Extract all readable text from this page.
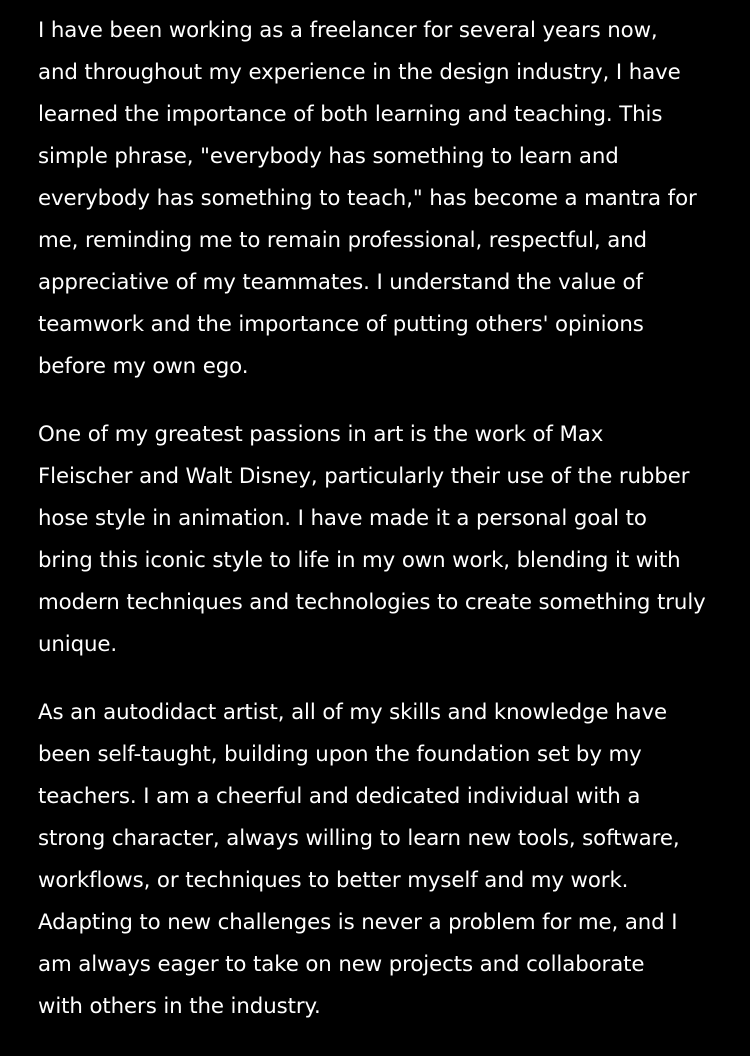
I have been working as a freelancer for several years now,
and throughout my experience in the design industry, I have
learned the importance of both learning and teaching. This
simple phrase, "everybody has something to learn and
everybody has something to teach," has become a mantra for
me, reminding me to remain professional, respectful, and
appreciative of my teammates. I understand the value of
teamwork and the importance of putting others' opinions
before my own ego.

One of my greatest passions in art is the work of Max
Fleischer and Walt Disney, particularly their use of the rubber
hose style in animation. I have made it a personal goal to
bring this iconic style to life in my own work, blending it with
modern techniques and technologies to create something truly
unique.

As an autodidact artist, all of my skills and knowledge have
been self-taught, building upon the foundation set by my
teachers. I am a cheerful and dedicated individual with a
strong character, always willing to learn new tools, software,
workflows, or techniques to better myself and my work.
Adapting to new challenges is never a problem for me, and I
am always eager to take on new projects and collaborate
with others in the industry.
